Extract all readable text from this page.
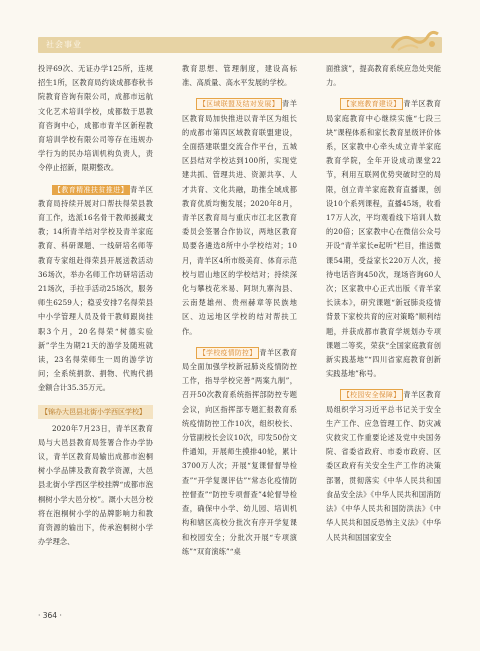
社会事业

投评69次、无证办学125所，连规招生1所，区教育局约谈成都春秋书院教育咨询有限公司，成都市远航文化艺术培训学校，成都数于思教育咨询中心，成都市青羊区新程教育培训学校有限公司等存在违规办学行为的民办培训机构负责人，责令停止招新，限期整改。

【教育精准扶贫推进】 青羊区教育局持续开展对口帮扶得荣县教育工作，选派16名骨干教师援藏支教；14所青羊结对学校及青羊家庭教育、科研课题、一线研培名师等教育专家组赴得荣县开展送教活动36场次，举办名师工作坊研培活动21场次，手拉手活动25场次，服务师生6259人；稳妥安排7名得荣县中小学管理人员及骨干教师跟岗挂职3个月，20名得荣“树德实验新”学生为期21天的游学及随班就读，23名得荣师生一周的游学访问；全系统捐款、捐物、代购代捐金额合计35.35万元。

【锦办大邑县北街小学西区学校】

2020年7月23日，青羊区教育局与大邑县教育局签署合作办学协议，青羊区教育局输出成都市泡桐树小学品牌及教育教学资源，大邑县北街小学西区学校挂牌“成都市泡桐树小学大邑分校”。溉小大邑分校将在泡桐树小学的品牌影响力和教育资源的输出下，传承泡桐树小学办学理念、

教育思想、管理制度，建设高标准、高质量、高水平发展的学校。

【区域联盟及结对发展】 青羊区教育局加快推进以青羊区为组长的成都市第四区域教育联盟建设，全面搭建联盟交流合作平台，五城区县结对学校达到100所，实现党建共抓、管理共进、资源共享、人才共育、文化共融，助推全域成都教育优质均衡发展；2020年8月，青羊区教育局与重庆市江北区教育委员会签署合作协议，两地区教育局要各遴选8所中小学校结对；10月，青羊区4所市级美育、体育示范校与眉山地区的学校结对；持续深化与攀枝花米易、阿坝九寨沟县、云南楚雄州、贵州赫章等民族地区、边远地区学校的结对帮扶工作。

【学校疫情防控】 青羊区教育局全面加强学校新冠肺炎疫情防控工作，指导学校完善“两案九制”，召开50次教育系统指挥部防控专题会议，向区指挥部专题汇报教育系统疫情防控工作10次，组织校长、分管副校长会议10次，印发50份文件通知，开展师生摸排40轮，累计3700万人次；开展“复课督督导检查”“开学复课评估”“常态化疫情防控督查”“防控专项督查”4轮督导检查，确保中小学、幼儿园、培训机构和辖区高校分批次有序开学复课和校园安全；分批次开展“专项演练”“双育演练”“桌

面推演”，提高教育系统应急处突能力。

【家庭教育建设】 青羊区教育局家庭教育中心继续实施“七段三块”课程体系和家长教育星级评价体系，区家教中心牵头成立青羊家庭教育学院，全年开设成动课堂22节，利用互联网优势突破时空的局限，创立青羊家庭教育直播课，创设10个系列课程，直播45场，收看17万人次，平均观看线下培训人数的20倍；区家教中心在微信公众号开设“青羊家长e起听”栏目，推送微课54期，受益家长220万人次，接待电话咨询450次，现场咨询60人次；区家教中心正式出版《青羊家长读本》，研究课题“新冠肺炎疫情背景下家校共育的应对策略”顺利结题，并获成都市教育学规划办专项课题二等奖，荣获“全国家庭教育创新实践基地”“四川省家庭教育创新实践基地”称号。

【校园安全保障】 青羊区教育局组织学习习近平总书记关于安全生产工作、应急管理工作、防灾减灾救灾工作重要论述及党中央国务院、省委省政府、市委市政府、区委区政府有关安全生产工作的决策部署，贯彻落实《中华人民共和国食品安全法》《中华人民共和国消防法》《中华人民共和国防洪法》《中华人民共和国反恐怖主义法》《中华人民共和国国家安全

· 364 ·
